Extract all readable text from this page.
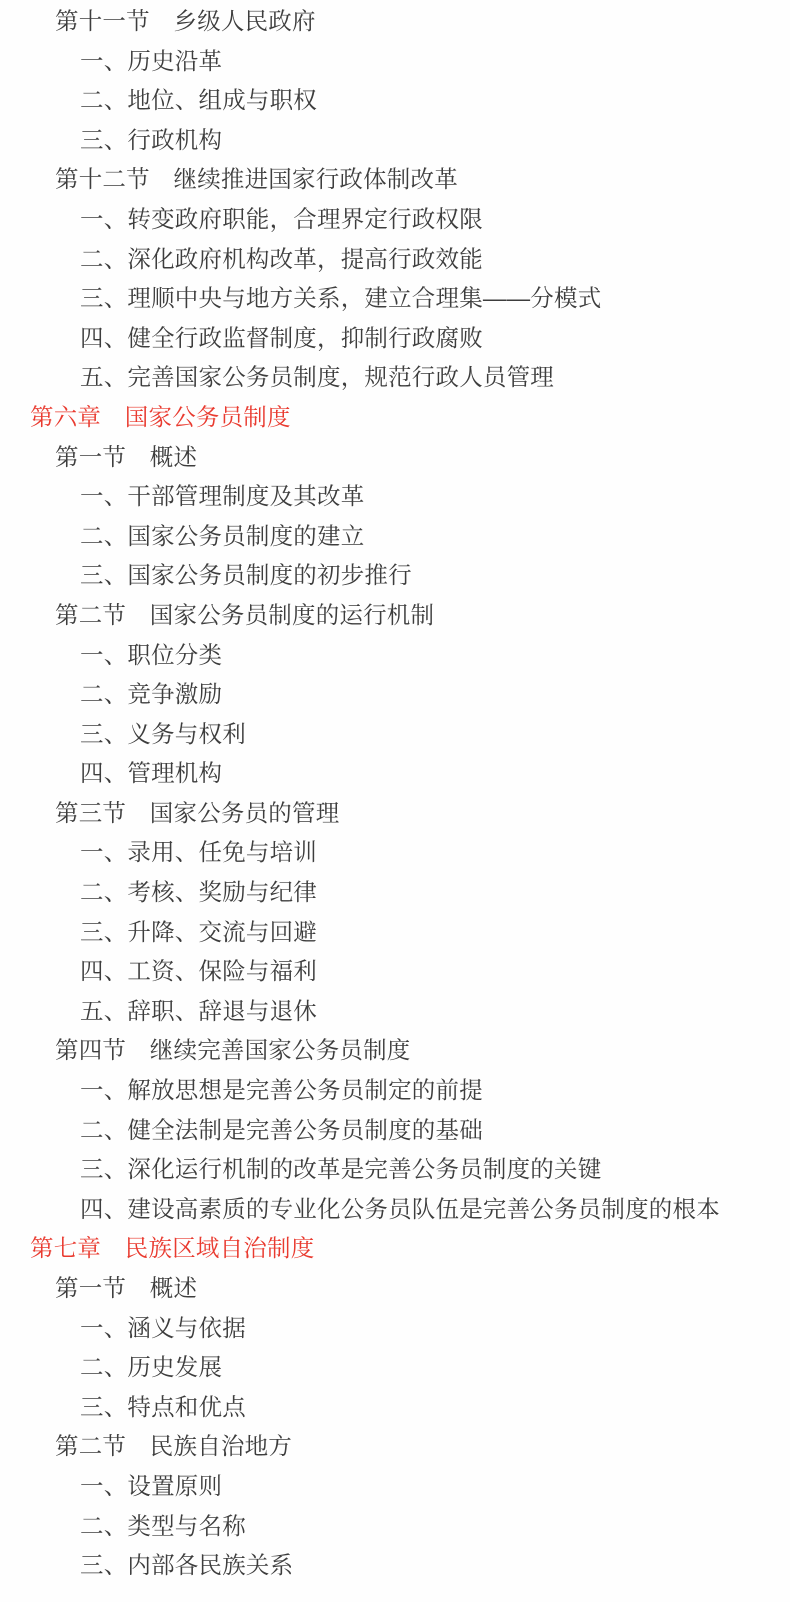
第十一节　乡级人民政府
一、历史沿革
二、地位、组成与职权
三、行政机构
第十二节　继续推进国家行政体制改革
一、转变政府职能，合理界定行政权限
二、深化政府机构改革，提高行政效能
三、理顺中央与地方关系，建立合理集——分模式
四、健全行政监督制度，抑制行政腐败
五、完善国家公务员制度，规范行政人员管理
第六章　国家公务员制度
第一节　概述
一、干部管理制度及其改革
二、国家公务员制度的建立
三、国家公务员制度的初步推行
第二节　国家公务员制度的运行机制
一、职位分类
二、竞争激励
三、义务与权利
四、管理机构
第三节　国家公务员的管理
一、录用、任免与培训
二、考核、奖励与纪律
三、升降、交流与回避
四、工资、保险与福利
五、辞职、辞退与退休
第四节　继续完善国家公务员制度
一、解放思想是完善公务员制定的前提
二、健全法制是完善公务员制度的基础
三、深化运行机制的改革是完善公务员制度的关键
四、建设高素质的专业化公务员队伍是完善公务员制度的根本
第七章　民族区域自治制度
第一节　概述
一、涵义与依据
二、历史发展
三、特点和优点
第二节　民族自治地方
一、设置原则
二、类型与名称
三、内部各民族关系
